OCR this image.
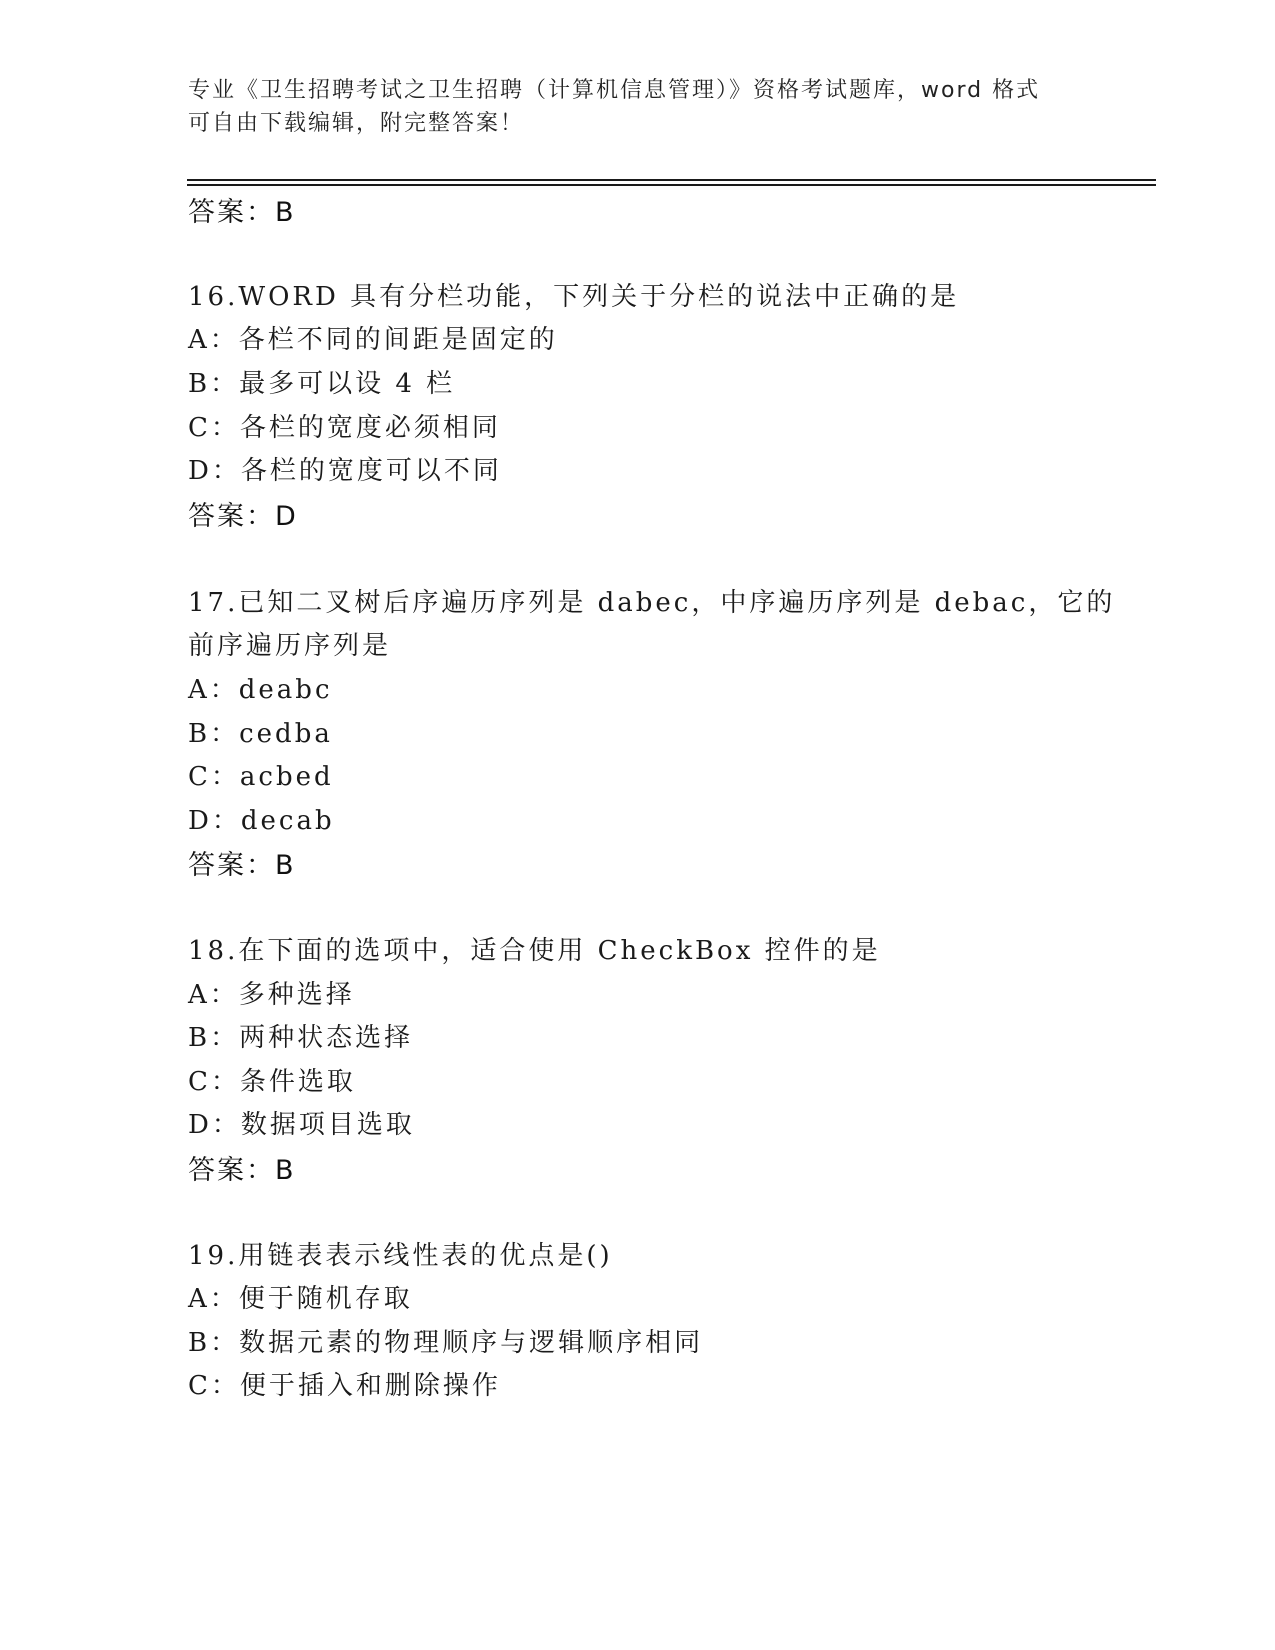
专业《卫生招聘考试之卫生招聘（计算机信息管理）》资格考试题库，word 格式
可自由下载编辑，附完整答案！
答案：B
16.WORD 具有分栏功能，下列关于分栏的说法中正确的是
A：各栏不同的间距是固定的
B：最多可以设 4 栏
C：各栏的宽度必须相同
D：各栏的宽度可以不同
答案：D
17.已知二叉树后序遍历序列是 dabec，中序遍历序列是 debac，它的
前序遍历序列是
A：deabc
B：cedba
C：acbed
D：decab
答案：B
18.在下面的选项中，适合使用 CheckBox 控件的是
A：多种选择
B：两种状态选择
C：条件选取
D：数据项目选取
答案：B
19.用链表表示线性表的优点是()
A：便于随机存取
B：数据元素的物理顺序与逻辑顺序相同
C：便于插入和删除操作
